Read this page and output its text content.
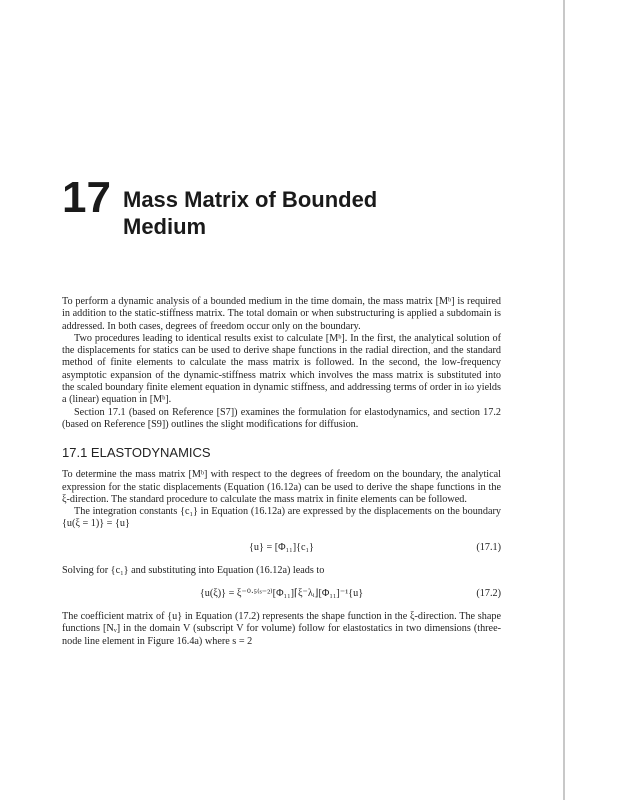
17 Mass Matrix of Bounded Medium

To perform a dynamic analysis of a bounded medium in the time domain, the mass matrix [Mᵇ] is required in addition to the static-stiffness matrix. The total domain or when substructuring is applied a subdomain is addressed. In both cases, degrees of freedom occur only on the boundary.

Two procedures leading to identical results exist to calculate [Mᵇ]. In the first, the analytical solution of the displacements for statics can be used to derive shape functions in the radial direction, and the standard method of finite elements to calculate the mass matrix is followed. In the second, the low-frequency asymptotic expansion of the dynamic-stiffness matrix which involves the mass matrix is substituted into the scaled boundary finite element equation in dynamic stiffness, and addressing terms of order in iω yields a (linear) equation in [Mᵇ].

Section 17.1 (based on Reference [S7]) examines the formulation for elastodynamics, and section 17.2 (based on Reference [S9]) outlines the slight modifications for diffusion.

17.1 ELASTODYNAMICS

To determine the mass matrix [Mᵇ] with respect to the degrees of freedom on the boundary, the analytical expression for the static displacements (Equation (16.12a) can be used to derive the shape functions in the ξ-direction. The standard procedure to calculate the mass matrix in finite elements can be followed.

The integration constants {c₁} in Equation (16.12a) are expressed by the displacements on the boundary {u(ξ = 1)} = {u}

{u} = [Φ₁₁]{c₁}	(17.1)

Solving for {c₁} and substituting into Equation (16.12a) leads to

{u(ξ)} = ξ⁻⁰ᐧ⁵⁽ˢ⁻²⁾[Φ₁₁]⌈ξ⁻λᵢ⌋[Φ₁₁]⁻¹{u}	(17.2)

The coefficient matrix of {u} in Equation (17.2) represents the shape function in the ξ-direction. The shape functions [Nᵥ] in the domain V (subscript V for volume) follow for elastostatics in two dimensions (three-node line element in Figure 16.4a) where s = 2
